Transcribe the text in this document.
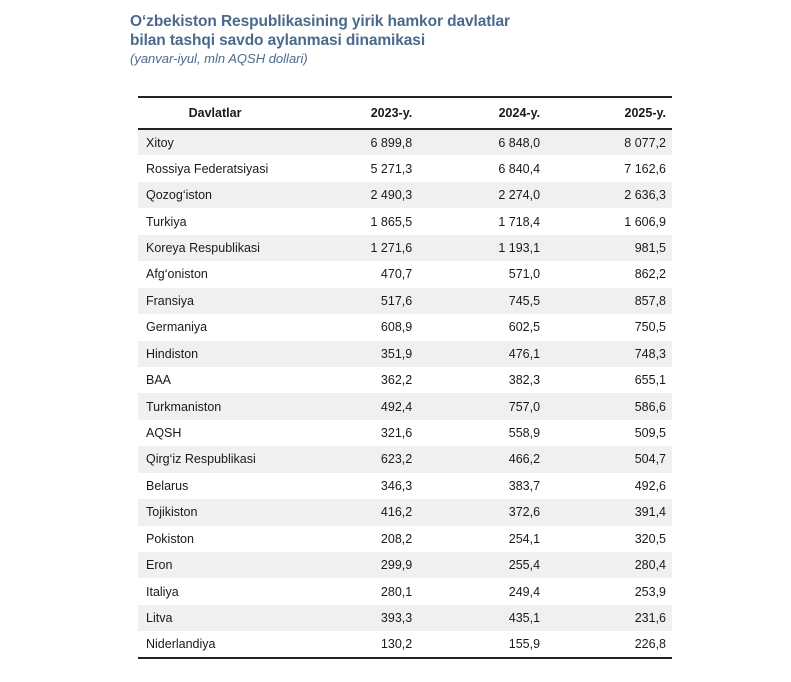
O‘zbekiston Respublikasining yirik hamkor davlatlar
bilan tashqi savdo aylanmasi dinamikasi
(yanvar-iyul, mln AQSH dollari)
Davlatlar	2023-y.	2024-y.	2025-y.
Xitoy	6 899,8	6 848,0	8 077,2
Rossiya Federatsiyasi	5 271,3	6 840,4	7 162,6
Qozog‘iston	2 490,3	2 274,0	2 636,3
Turkiya	1 865,5	1 718,4	1 606,9
Koreya Respublikasi	1 271,6	1 193,1	981,5
Afg‘oniston	470,7	571,0	862,2
Fransiya	517,6	745,5	857,8
Germaniya	608,9	602,5	750,5
Hindiston	351,9	476,1	748,3
BAA	362,2	382,3	655,1
Turkmaniston	492,4	757,0	586,6
AQSH	321,6	558,9	509,5
Qirg‘iz Respublikasi	623,2	466,2	504,7
Belarus	346,3	383,7	492,6
Tojikiston	416,2	372,6	391,4
Pokiston	208,2	254,1	320,5
Eron	299,9	255,4	280,4
Italiya	280,1	249,4	253,9
Litva	393,3	435,1	231,6
Niderlandiya	130,2	155,9	226,8
